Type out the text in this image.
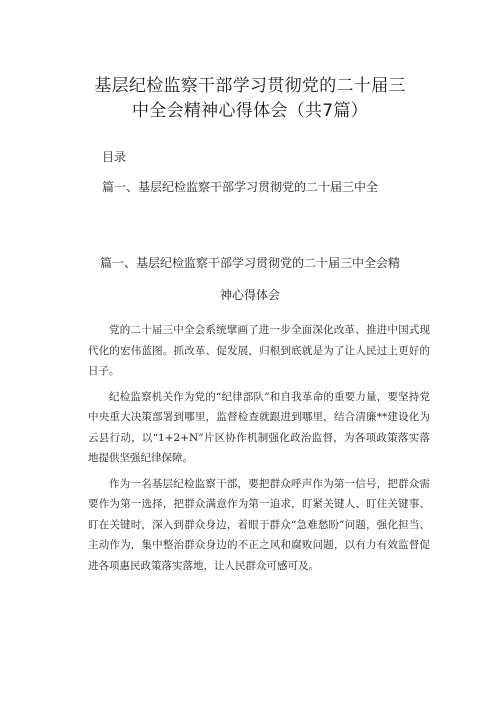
基层纪检监察干部学习贯彻党的二十届三
中全会精神心得体会（共7篇）
目录
篇一、基层纪检监察干部学习贯彻党的二十届三中全
篇一、基层纪检监察干部学习贯彻党的二十届三中全会精
神心得体会

党的二十届三中全会系统擘画了进一步全面深化改革、推进中国式现代化的宏伟蓝图。抓改革、促发展，归根到底就是为了让人民过上更好的日子。

纪检监察机关作为党的“纪律部队”和自我革命的重要力量，要坚持党中央重大决策部署到哪里，监督检查就跟进到哪里，结合清廉**建设化为云县行动，以“1+2+N”片区协作机制强化政治监督，为各项政策落实落地提供坚强纪律保障。

作为一名基层纪检监察干部，要把群众呼声作为第一信号，把群众需要作为第一选择，把群众满意作为第一追求，盯紧关键人、盯住关键事、盯在关键时，深入到群众身边，着眼于群众“急难愁盼”问题，强化担当、主动作为，集中整治群众身边的不正之风和腐败问题，以有力有效监督促进各项惠民政策落实落地，让人民群众可感可及。
